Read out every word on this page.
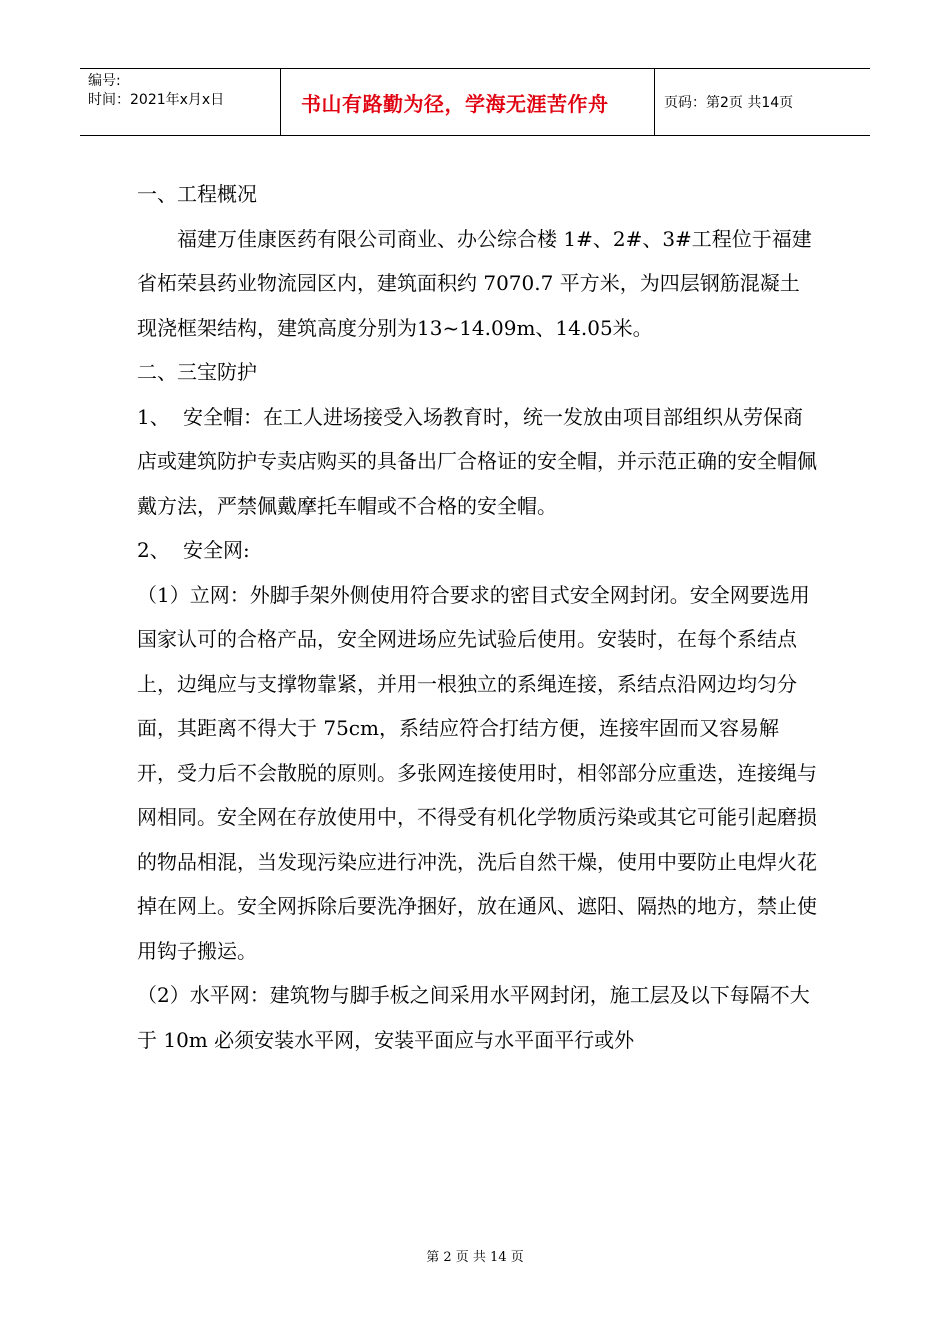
编号:
时间：2021年x月x日	书山有路勤为径，学海无涯苦作舟	页码：第2页 共14页

一、工程概况

福建万佳康医药有限公司商业、办公综合楼 1#、2#、3#工程位于福建省柘荣县药业物流园区内，建筑面积约 7070.7 平方米，为四层钢筋混凝土现浇框架结构，建筑高度分别为13~14.09m、14.05米。

二、三宝防护

1、 安全帽：在工人进场接受入场教育时，统一发放由项目部组织从劳保商店或建筑防护专卖店购买的具备出厂合格证的安全帽，并示范正确的安全帽佩戴方法，严禁佩戴摩托车帽或不合格的安全帽。

2、 安全网:

（1）立网：外脚手架外侧使用符合要求的密目式安全网封闭。安全网要选用国家认可的合格产品，安全网进场应先试验后使用。安装时，在每个系结点上，边绳应与支撑物靠紧，并用一根独立的系绳连接，系结点沿网边均匀分面，其距离不得大于 75cm，系结应符合打结方便，连接牢固而又容易解开，受力后不会散脱的原则。多张网连接使用时，相邻部分应重迭，连接绳与网相同。安全网在存放使用中，不得受有机化学物质污染或其它可能引起磨损的物品相混，当发现污染应进行冲洗，洗后自然干燥，使用中要防止电焊火花掉在网上。安全网拆除后要洗净捆好，放在通风、遮阳、隔热的地方，禁止使用钩子搬运。

（2）水平网：建筑物与脚手板之间采用水平网封闭，施工层及以下每隔不大于 10m 必须安装水平网，安装平面应与水平面平行或外

第 2 页 共 14 页
